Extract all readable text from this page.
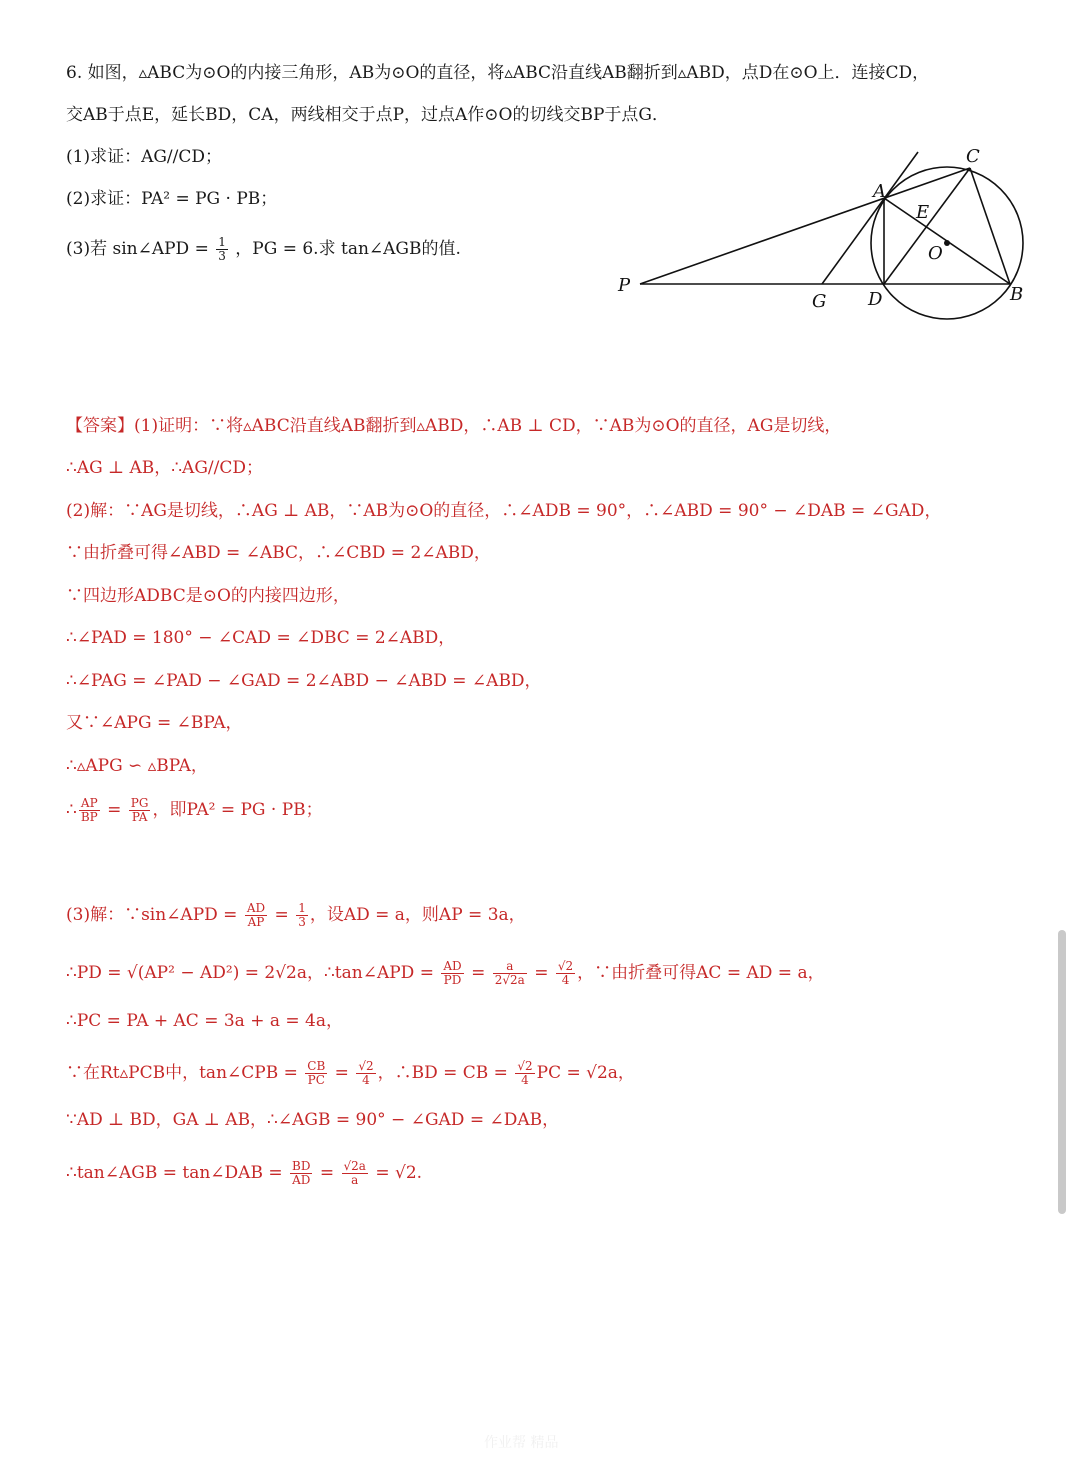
6. 如图，▵ABC为⊙O的内接三角形，AB为⊙O的直径，将▵ABC沿直线AB翻折到▵ABD，点D在⊙O上．连接CD，
交AB于点E，延长BD，CA，两线相交于点P，过点A作⊙O的切线交BP于点G．
(1)求证：AG//CD；
(2)求证：PA² = PG · PB；
(3)若 sin∠APD = $\frac{1}{3}$ ，PG = 6.求 tan∠AGB的值.
A
C
E
O
P
G D	B
【答案】(1)证明：∵将▵ABC沿直线AB翻折到▵ABD，∴AB ⊥ CD，∵AB为⊙O的直径，AG是切线，
∴AG ⊥ AB，∴AG//CD；
(2)解：∵AG是切线，∴AG ⊥ AB，∵AB为⊙O的直径，∴∠ADB = 90°，∴∠ABD = 90° − ∠DAB = ∠GAD，
∵由折叠可得∠ABD = ∠ABC，∴∠CBD = 2∠ABD，
∵四边形ADBC是⊙O的内接四边形，
∴∠PAD = 180° − ∠CAD = ∠DBC = 2∠ABD，
∴∠PAG = ∠PAD − ∠GAD = 2∠ABD − ∠ABD = ∠ABD，
又∵∠APG = ∠BPA，
∴▵APG ∽ ▵BPA，
∴ $\frac{AP}{BP} = \frac{PG}{PA}$ ，即PA² = PG · PB；
(3)解：∵sin∠APD = $\frac{AD}{AP} = \frac{1}{3}$ ，设AD = a，则AP = 3a，
∴PD = √(AP² − AD²) = 2√2a，∴tan∠APD = $\frac{AD}{PD} = \frac{a}{2√2a} = \frac{√2}{4}$ ，∵由折叠可得AC = AD = a，
∴PC = PA + AC = 3a + a = 4a，
∵在Rt▵PCB中，tan∠CPB = $\frac{CB}{PC} = \frac{√2}{4}$ ，∴BD = CB = $\frac{√2}{4}$ PC = √2a，
∵AD ⊥ BD，GA ⊥ AB，∴∠AGB = 90° − ∠GAD = ∠DAB，
∴tan∠AGB = tan∠DAB = $\frac{BD}{AD} = \frac{√2a}{a} = √2$.
作业帮 精品
